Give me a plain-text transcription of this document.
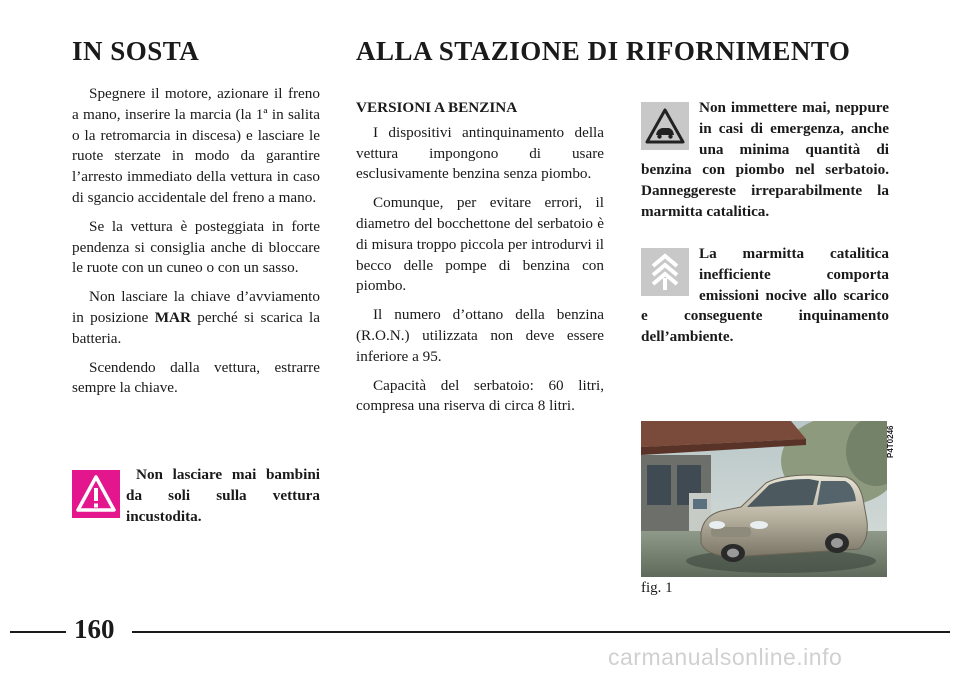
IN SOSTA

Spegnere il motore, azionare il freno a mano, inserire la marcia (la 1ª in salita o la retromarcia in discesa) e lasciare le ruote sterzate in modo da garantire l’arresto immediato della vettura in caso di sgancio accidentale del freno a mano.

Se la vettura è posteggiata in forte pendenza si consiglia anche di bloccare le ruote con un cuneo o con un sasso.

Non lasciare la chiave d’avviamento in posizione MAR perché si scarica la batteria.

Scendendo dalla vettura, estrarre sempre la chiave.

Non lasciare mai bambini da soli sulla vettura incustodita.
ALLA STAZIONE DI RIFORNIMENTO

VERSIONI A BENZINA

I dispositivi antinquinamento della vettura impongono di usare esclusivamente benzina senza piombo.

Comunque, per evitare errori, il diametro del bocchettone del serbatoio è di misura troppo piccola per introdurvi il becco delle pompe di benzina con piombo.

Il numero d’ottano della benzina (R.O.N.) utilizzata non deve essere inferiore a 95.

Capacità del serbatoio: 60 litri, compresa una riserva di circa 8 litri.

Non immettere mai, neppure in casi di emergenza, anche una minima quantità di benzina con piombo nel serbatoio. Danneggereste irreparabilmente la marmitta catalitica.
La marmitta catalitica inefficiente comporta emissioni nocive allo scarico e conseguente inquinamento dell’ambiente.
P4T0246
fig. 1
160
carmanualsonline.info
